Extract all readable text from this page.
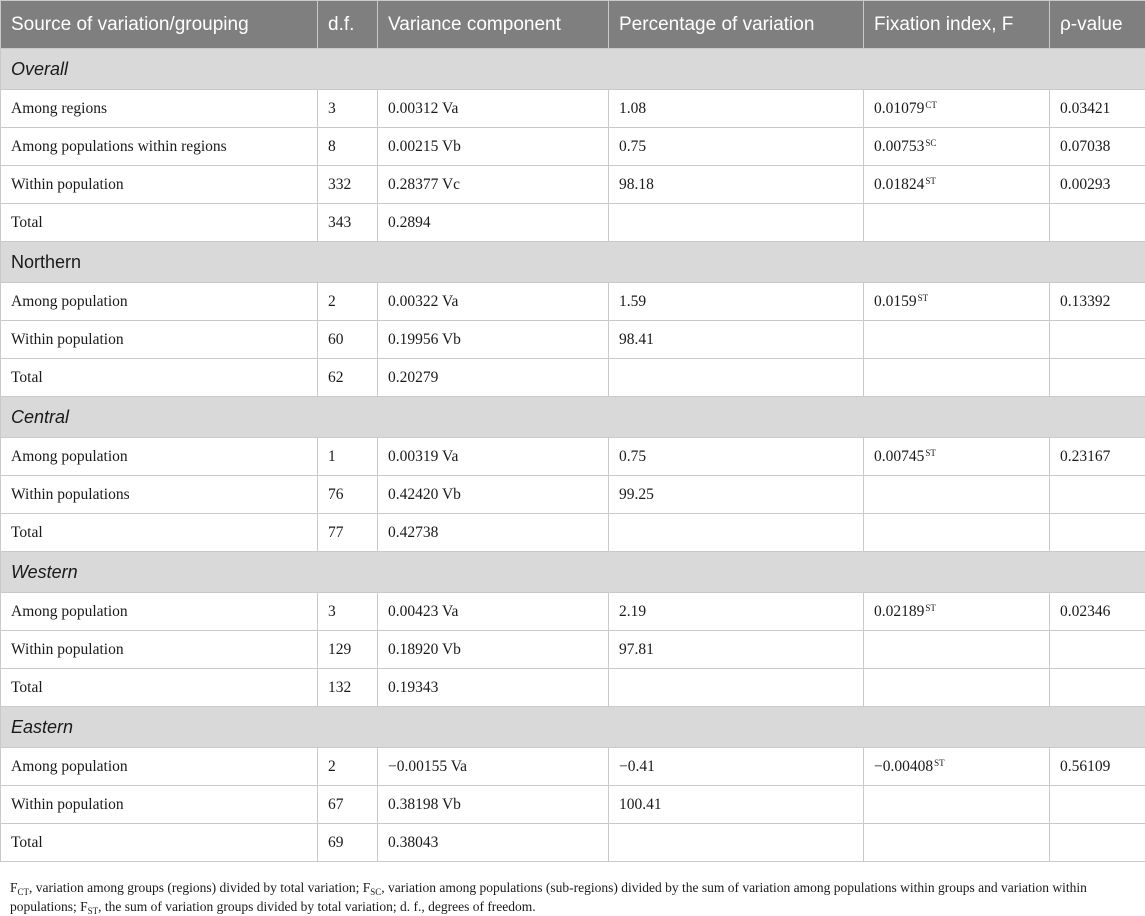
Source of variation/grouping	d.f.	Variance component	Percentage of variation	Fixation index, F	ρ-value
Overall					
Among regions	3	0.00312 Va	1.08	$0.01079^{CT}$	0.03421
Among populations within regions	8	0.00215 Vb	0.75	$0.00753^{SC}$	0.07038
Within population	332	0.28377 Vc	98.18	0.01824ST	0.00293
Total	343	0.2894			
Northern					
Among population	2	0.00322 Va	1.59	0.0159ST	0.13392
Within population	60	0.19956 Vb	98.41		
Total	62	0.20279			
Central					
Among population	1	0.00319 Va	0.75	0.00745ST	0.23167
Within populations	76	0.42420 Vb	99.25		
Total	77	0.42738			
Western					
Among population	3	0.00423 Va	2.19	0.02189ST	0.02346
Within population	129	0.18920 Vb	97.81		
Total	132	0.19343			
Eastern					
Among population	2	−0.00155 Va	−0.41	−0.00408ST	0.56109
Within population	67	0.38198 Vb	100.41		
Total	69	0.38043			
$F_{CT}$, variation among groups (regions) divided by total variation; $F_{SC}$, variation among populations (sub-regions) divided by the sum of variation among populations within groups and variation within populations; $F_{ST}$, the sum of variation groups divided by total variation; d. f., degrees of freedom.
